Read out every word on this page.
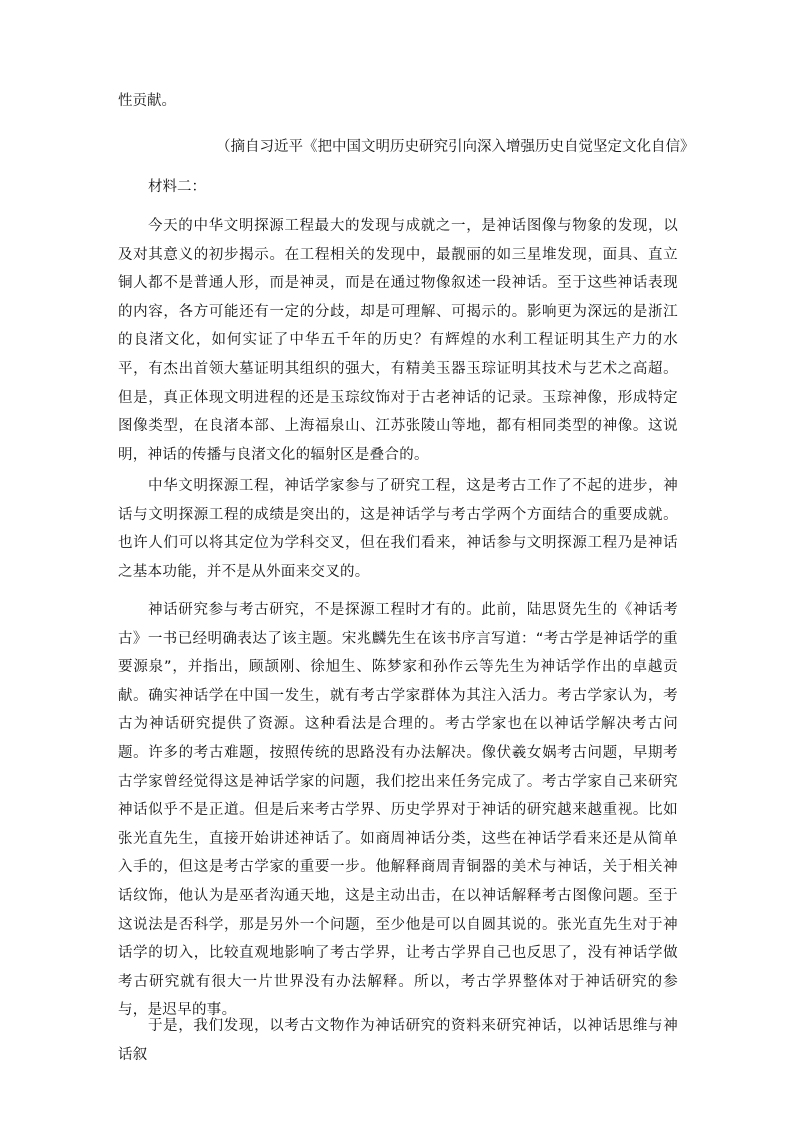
性贡献。

（摘自习近平《把中国文明历史研究引向深入增强历史自觉坚定文化自信》

材料二：

今天的中华文明探源工程最大的发现与成就之一，是神话图像与物象的发现，以及对其意义的初步揭示。在工程相关的发现中，最靓丽的如三星堆发现，面具、直立铜人都不是普通人形，而是神灵，而是在通过物像叙述一段神话。至于这些神话表现的内容，各方可能还有一定的分歧，却是可理解、可揭示的。影响更为深远的是浙江的良渚文化，如何实证了中华五千年的历史？有辉煌的水利工程证明其生产力的水平，有杰出首领大墓证明其组织的强大，有精美玉器玉琮证明其技术与艺术之高超。但是，真正体现文明进程的还是玉琮纹饰对于古老神话的记录。玉琮神像，形成特定图像类型，在良渚本部、上海福泉山、江苏张陵山等地，都有相同类型的神像。这说明，神话的传播与良渚文化的辐射区是叠合的。

中华文明探源工程，神话学家参与了研究工程，这是考古工作了不起的进步，神话与文明探源工程的成绩是突出的，这是神话学与考古学两个方面结合的重要成就。也许人们可以将其定位为学科交叉，但在我们看来，神话参与文明探源工程乃是神话之基本功能，并不是从外面来交叉的。

神话研究参与考古研究，不是探源工程时才有的。此前，陆思贤先生的《神话考古》一书已经明确表达了该主题。宋兆麟先生在该书序言写道：“考古学是神话学的重要源泉”，并指出，顾颉刚、徐旭生、陈梦家和孙作云等先生为神话学作出的卓越贡献。确实神话学在中国一发生，就有考古学家群体为其注入活力。考古学家认为，考古为神话研究提供了资源。这种看法是合理的。考古学家也在以神话学解决考古问题。许多的考古难题，按照传统的思路没有办法解决。像伏羲女娲考古问题，早期考古学家曾经觉得这是神话学家的问题，我们挖出来任务完成了。考古学家自己来研究神话似乎不是正道。但是后来考古学界、历史学界对于神话的研究越来越重视。比如张光直先生，直接开始讲述神话了。如商周神话分类，这些在神话学看来还是从简单入手的，但这是考古学家的重要一步。他解释商周青铜器的美术与神话，关于相关神话纹饰，他认为是巫者沟通天地，这是主动出击，在以神话解释考古图像问题。至于这说法是否科学，那是另外一个问题，至少他是可以自圆其说的。张光直先生对于神话学的切入，比较直观地影响了考古学界，让考古学界自己也反思了，没有神话学做考古研究就有很大一片世界没有办法解释。所以，考古学界整体对于神话研究的参与，是迟早的事。

于是，我们发现，以考古文物作为神话研究的资料来研究神话，以神话思维与神话叙
